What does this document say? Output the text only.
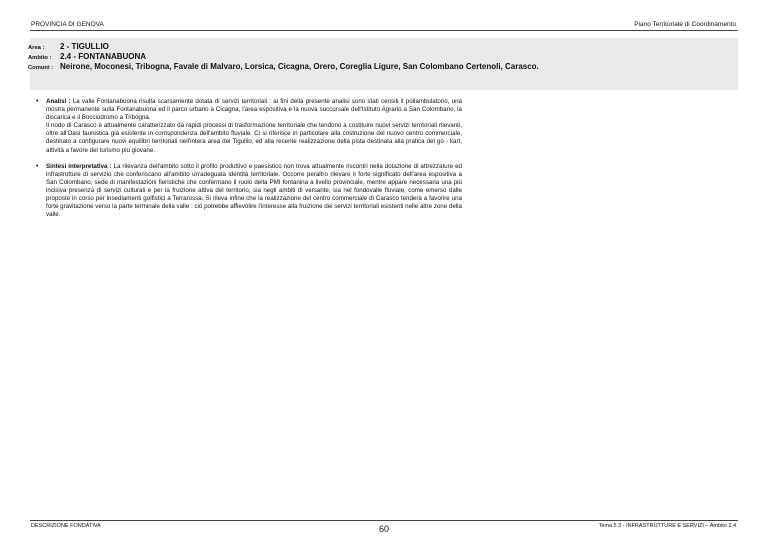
PROVINCIA DI GENOVA	Piano Territoriale di Coordinamento
Area :	2 - TIGULLIO
Ambito :	2.4 - FONTANABUONA
Comuni : Neirone, Moconesi, Tribogna, Favale di Malvaro, Lorsica, Cicagna, Orero, Coreglia Ligure, San Colombano Certenoli, Carasco.
• Analisi : La valle Fontanabuona risulta scarsamente dotata di servizi territoriali : ai fini della presente analisi sono stati censiti il poliambulatorio, una mostra permanente sulla Fontanabuona ed il parco urbano a Cicagna, l'area espositiva e la nuova succursale dell'Istituto Agrario a San Colombano, la discarica e il Bocciodromo a Tribogna.

Il nodo di Carasco è attualmente caratterizzato da rapidi processi di trasformazione territoriale che tendono a costituire nuovi servizi territoriali rilevanti, oltre all'Oasi faunistica già esistente in corrispondenza dell'ambito fluviale. Ci si riferisce in particolare alla costruzione del nuovo centro commerciale, destinato a configurare nuovi equilibri territoriali nell'intera area del Tigullio, ed alla recente realizzazione della pista destinata alla pratica del go - kart, attività a favore del turismo più giovane.

• Sintesi interpretativa : La rilevanza dell'ambito sotto il profilo produttivo e paesistico non trova attualmente riscontri nella dotazione di attrezzature ed infrastrutture di servizio che conferiscano all'ambito un'adeguata identità territoriale. Occorre peraltro rilevare il forte significato dell'area espositiva a San Colombano, sede di manifestazioni fieristiche che confermano il ruolo della PMI fontanina a livello provinciale, mentre appare necessaria una più incisiva presenza di servizi culturali e per la fruizione attiva del territorio, sia negli ambiti di versante, sia nel fondovalle fluviale, come emerso dalle proposte in corso per insediamenti golfistici a Terrarossa. Si rileva infine che la realizzazione del centro commerciale di Carasco tenderà a favorire una forte gravitazione verso la parte terminale della valle : ciò potrebbe affievolire l'interesse alla fruizione dei servizi territoriali esistenti nelle altre zone della valle.

DESCRIZIONE FONDATIVA	60	Tema 5.3 - INFRASTRUTTURE E SERVIZI – Ambito 2.4
